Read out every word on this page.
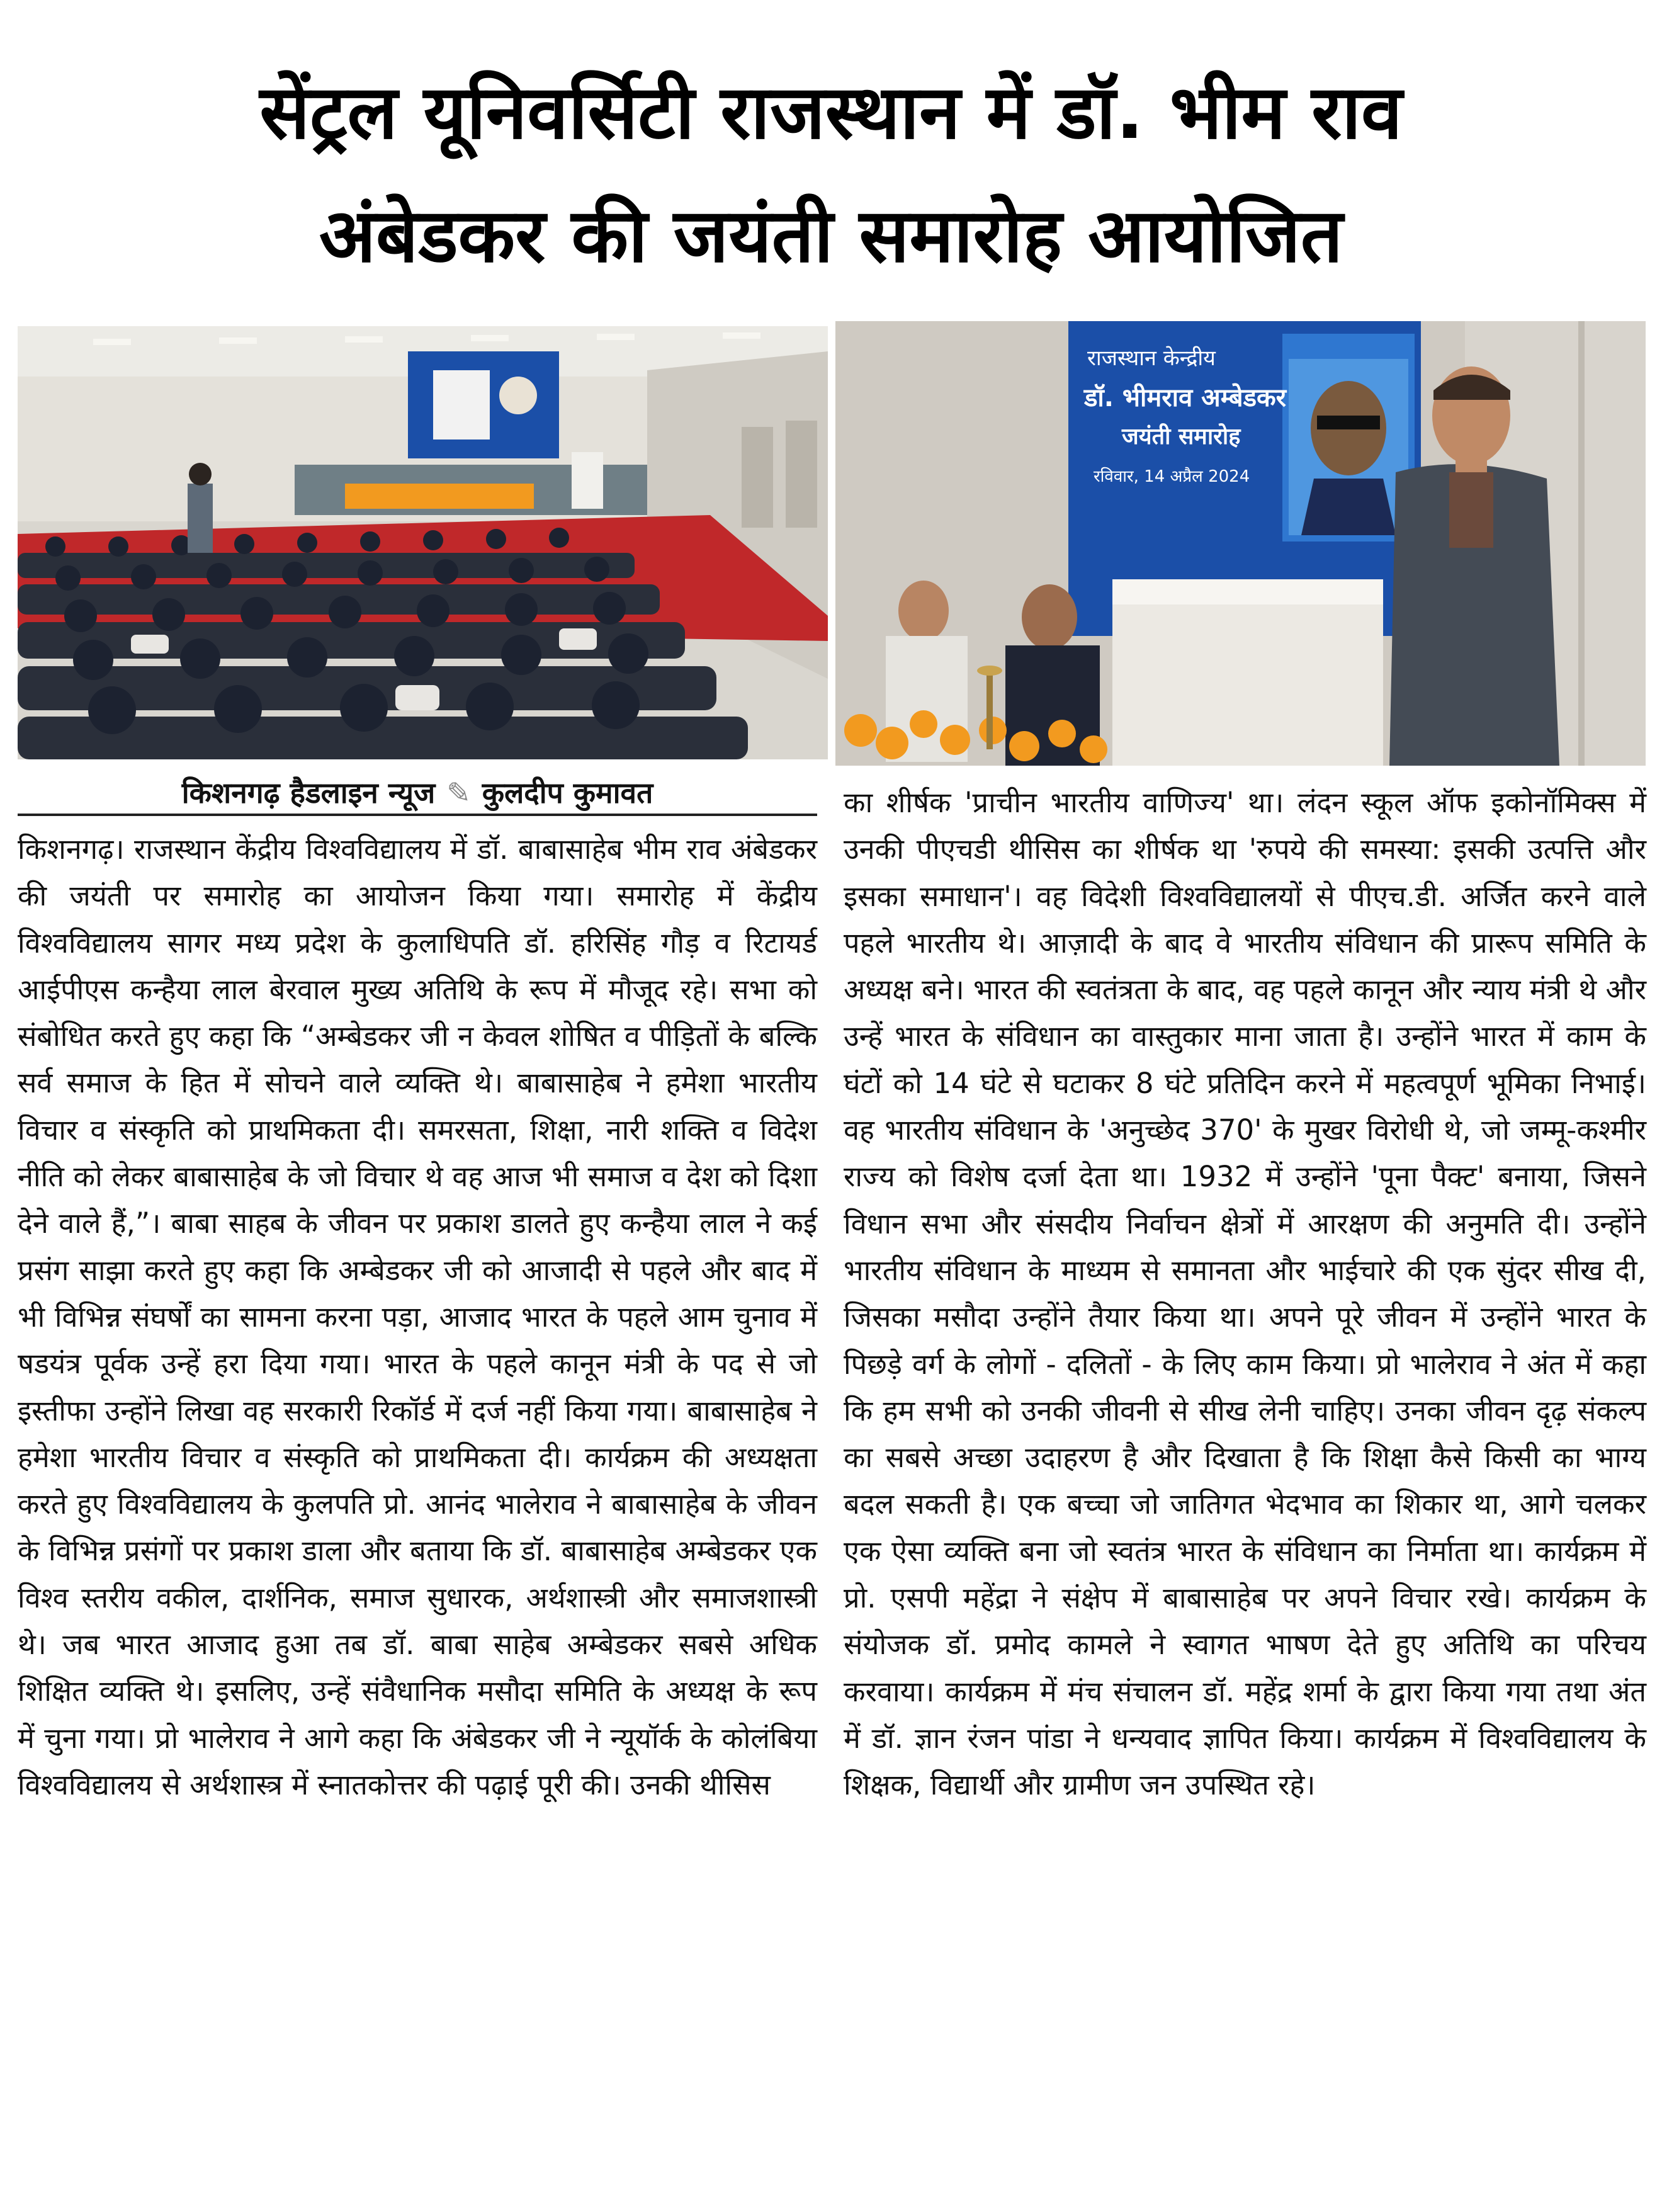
सेंट्रल यूनिवर्सिटी राजस्थान में डॉ. भीम राव
अंबेडकर की जयंती समारोह आयोजित
राजस्थान केन्द्रीय
डॉ. भीमराव अम्बेडकर
जयंती समारोह
रविवार, 14 अप्रैल 2024
किशनगढ़ हैडलाइन न्यूज ✎ कुलदीप कुमावत
किशनगढ़। राजस्थान केंद्रीय विश्वविद्यालय में डॉ. बाबासाहेब भीम राव अंबेडकर की जयंती पर समारोह का आयोजन किया गया। समारोह में केंद्रीय विश्वविद्यालय सागर मध्य प्रदेश के कुलाधिपति डॉ. हरिसिंह गौड़ व रिटायर्ड आईपीएस कन्हैया लाल बेरवाल मुख्य अतिथि के रूप में मौजूद रहे। सभा को संबोधित करते हुए कहा कि “अम्बेडकर जी न केवल शोषित व पीड़ितों के बल्कि सर्व समाज के हित में सोचने वाले व्यक्ति थे। बाबासाहेब ने हमेशा भारतीय विचार व संस्कृति को प्राथमिकता दी। समरसता, शिक्षा, नारी शक्ति व विदेश नीति को लेकर बाबासाहेब के जो विचार थे वह आज भी समाज व देश को दिशा देने वाले हैं,”। बाबा साहब के जीवन पर प्रकाश डालते हुए कन्हैया लाल ने कई प्रसंग साझा करते हुए कहा कि अम्बेडकर जी को आजादी से पहले और बाद में भी विभिन्न संघर्षों का सामना करना पड़ा, आजाद भारत के पहले आम चुनाव में षडयंत्र पूर्वक उन्हें हरा दिया गया। भारत के पहले कानून मंत्री के पद से जो इस्तीफा उन्होंने लिखा वह सरकारी रिकॉर्ड में दर्ज नहीं किया गया। बाबासाहेब ने हमेशा भारतीय विचार व संस्कृति को प्राथमिकता दी। कार्यक्रम की अध्यक्षता करते हुए विश्वविद्यालय के कुलपति प्रो. आनंद भालेराव ने बाबासाहेब के जीवन के विभिन्न प्रसंगों पर प्रकाश डाला और बताया कि डॉ. बाबासाहेब अम्बेडकर एक विश्व स्तरीय वकील, दार्शनिक, समाज सुधारक, अर्थशास्त्री और समाजशास्त्री थे। जब भारत आजाद हुआ तब डॉ. बाबा साहेब अम्बेडकर सबसे अधिक शिक्षित व्यक्ति थे। इसलिए, उन्हें संवैधानिक मसौदा समिति के अध्यक्ष के रूप में चुना गया। प्रो भालेराव ने आगे कहा कि अंबेडकर जी ने न्यूयॉर्क के कोलंबिया विश्वविद्यालय से अर्थशास्त्र में स्नातकोत्तर की पढ़ाई पूरी की। उनकी थीसिस
का शीर्षक 'प्राचीन भारतीय वाणिज्य' था। लंदन स्कूल ऑफ इकोनॉमिक्स में उनकी पीएचडी थीसिस का शीर्षक था 'रुपये की समस्या: इसकी उत्पत्ति और इसका समाधान'। वह विदेशी विश्वविद्यालयों से पीएच.डी. अर्जित करने वाले पहले भारतीय थे। आज़ादी के बाद वे भारतीय संविधान की प्रारूप समिति के अध्यक्ष बने। भारत की स्वतंत्रता के बाद, वह पहले कानून और न्याय मंत्री थे और उन्हें भारत के संविधान का वास्तुकार माना जाता है। उन्होंने भारत में काम के घंटों को 14 घंटे से घटाकर 8 घंटे प्रतिदिन करने में महत्वपूर्ण भूमिका निभाई। वह भारतीय संविधान के 'अनुच्छेद 370' के मुखर विरोधी थे, जो जम्मू-कश्मीर राज्य को विशेष दर्जा देता था। 1932 में उन्होंने 'पूना पैक्ट' बनाया, जिसने विधान सभा और संसदीय निर्वाचन क्षेत्रों में आरक्षण की अनुमति दी। उन्होंने भारतीय संविधान के माध्यम से समानता और भाईचारे की एक सुंदर सीख दी, जिसका मसौदा उन्होंने तैयार किया था। अपने पूरे जीवन में उन्होंने भारत के पिछड़े वर्ग के लोगों - दलितों - के लिए काम किया। प्रो भालेराव ने अंत में कहा कि हम सभी को उनकी जीवनी से सीख लेनी चाहिए। उनका जीवन दृढ़ संकल्प का सबसे अच्छा उदाहरण है और दिखाता है कि शिक्षा कैसे किसी का भाग्य बदल सकती है। एक बच्चा जो जातिगत भेदभाव का शिकार था, आगे चलकर एक ऐसा व्यक्ति बना जो स्वतंत्र भारत के संविधान का निर्माता था। कार्यक्रम में प्रो. एसपी महेंद्रा ने संक्षेप में बाबासाहेब पर अपने विचार रखे। कार्यक्रम के संयोजक डॉ. प्रमोद कामले ने स्वागत भाषण देते हुए अतिथि का परिचय करवाया। कार्यक्रम में मंच संचालन डॉ. महेंद्र शर्मा के द्वारा किया गया तथा अंत में डॉ. ज्ञान रंजन पांडा ने धन्यवाद ज्ञापित किया। कार्यक्रम में विश्वविद्यालय के शिक्षक, विद्यार्थी और ग्रामीण जन उपस्थित रहे।
